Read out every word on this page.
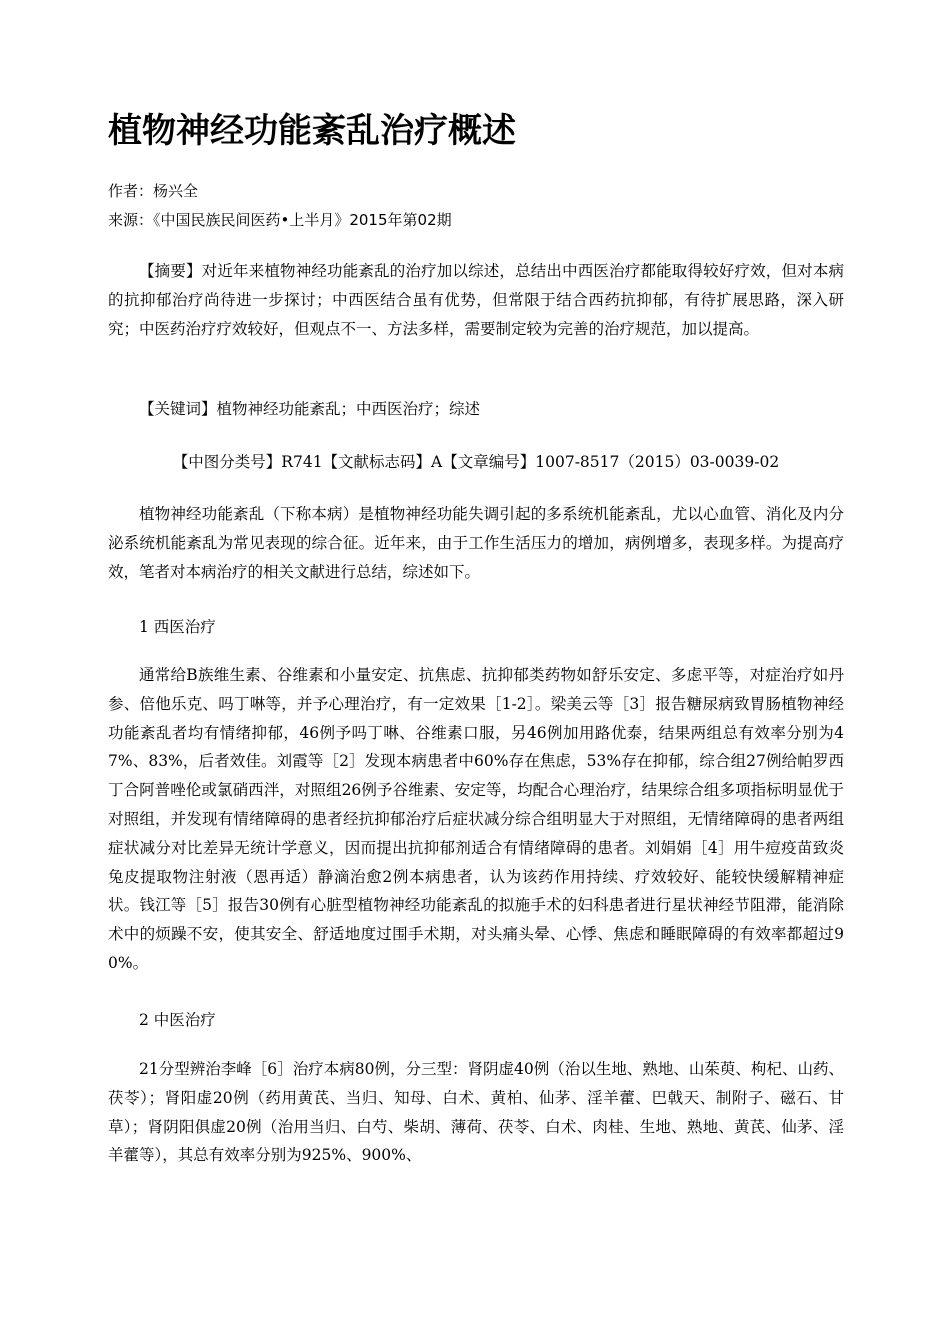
植物神经功能紊乱治疗概述
作者：杨兴全
来源：《中国民族民间医药•上半月》2015年第02期

【摘要】对近年来植物神经功能紊乱的治疗加以综述，总结出中西医治疗都能取得较好疗效，但对本病的抗抑郁治疗尚待进一步探讨；中西医结合虽有优势，但常限于结合西药抗抑郁，有待扩展思路，深入研究；中医药治疗疗效较好，但观点不一、方法多样，需要制定较为完善的治疗规范，加以提高。

【关键词】植物神经功能紊乱；中西医治疗；综述

【中图分类号】R741【文献标志码】A【文章编号】1007-8517（2015）03-0039-02

植物神经功能紊乱（下称本病）是植物神经功能失调引起的多系统机能紊乱，尤以心血管、消化及内分泌系统机能紊乱为常见表现的综合征。近年来，由于工作生活压力的增加，病例增多，表现多样。为提高疗效，笔者对本病治疗的相关文献进行总结，综述如下。

1 西医治疗

通常给B族维生素、谷维素和小量安定、抗焦虑、抗抑郁类药物如舒乐安定、多虑平等，对症治疗如丹参、倍他乐克、吗丁啉等，并予心理治疗，有一定效果［1-2］。梁美云等［3］报告糖尿病致胃肠植物神经功能紊乱者均有情绪抑郁，46例予吗丁啉、谷维素口服，另46例加用路优泰，结果两组总有效率分别为47%、83%，后者效佳。刘霞等［2］发现本病患者中60%存在焦虑，53%存在抑郁，综合组27例给帕罗西丁合阿普唑伦或氯硝西泮，对照组26例予谷维素、安定等，均配合心理治疗，结果综合组多项指标明显优于对照组，并发现有情绪障碍的患者经抗抑郁治疗后症状减分综合组明显大于对照组，无情绪障碍的患者两组症状减分对比差异无统计学意义，因而提出抗抑郁剂适合有情绪障碍的患者。刘娟娟［4］用牛痘疫苗致炎兔皮提取物注射液（恩再适）静滴治愈2例本病患者，认为该药作用持续、疗效较好、能较快缓解精神症状。钱江等［5］报告30例有心脏型植物神经功能紊乱的拟施手术的妇科患者进行星状神经节阻滞，能消除术中的烦躁不安，使其安全、舒适地度过围手术期，对头痛头晕、心悸、焦虑和睡眠障碍的有效率都超过90%。

2 中医治疗

21分型辨治李峰［6］治疗本病80例，分三型：肾阴虚40例（治以生地、熟地、山茱萸、枸杞、山药、茯苓）；肾阳虚20例（药用黄芪、当归、知母、白术、黄柏、仙茅、淫羊藿、巴戟天、制附子、磁石、甘草）；肾阴阳俱虚20例（治用当归、白芍、柴胡、薄荷、茯苓、白术、肉桂、生地、熟地、黄芪、仙茅、淫羊藿等），其总有效率分别为925%、900%、
